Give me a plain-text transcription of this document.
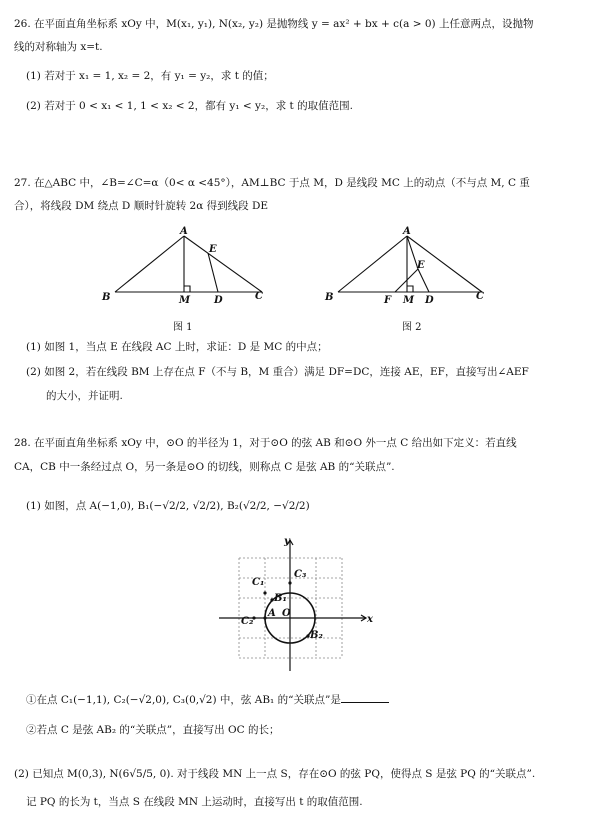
26. 在平面直角坐标系 xOy 中，M(x₁, y₁), N(x₂, y₂) 是抛物线 y = ax² + bx + c(a > 0) 上任意两点，设抛物
线的对称轴为 x=t.
(1) 若对于 x₁ = 1, x₂ = 2，有 y₁ = y₂，求 t 的值；
(2) 若对于 0 < x₁ < 1, 1 < x₂ < 2，都有 y₁ < y₂，求 t 的取值范围.
27. 在△ABC 中，∠B=∠C=α（0< α <45°），AM⊥BC 于点 M，D 是线段 MC 上的动点（不与点 M, C 重
合），将线段 DM 绕点 D 顺时针旋转 2α 得到线段 DE
A
E
B	M D	C
图 1
A
E
B	F M D	C
图 2
(1) 如图 1，当点 E 在线段 AC 上时，求证：D 是 MC 的中点；
(2) 如图 2，若在线段 BM 上存在点 F（不与 B，M 重合）满足 DF=DC，连接 AE，EF，直接写出∠AEF
的大小，并证明.
28. 在平面直角坐标系 xOy 中，⊙O 的半径为 1，对于⊙O 的弦 AB 和⊙O 外一点 C 给出如下定义：若直线
CA，CB 中一条经过点 O，另一条是⊙O 的切线，则称点 C 是弦 AB 的“关联点”.
(1) 如图，点 A(−1,0), B₁(−√2/2, √2/2), B₂(√2/2, −√2/2)
y
x
O
A
B₁
B₂
C₁
C₂
C₃
①在点 C₁(−1,1), C₂(−√2,0), C₃(0,√2) 中，弦 AB₁ 的“关联点”是
②若点 C 是弦 AB₂ 的“关联点”，直接写出 OC 的长；
(2) 已知点 M(0,3), N(6√5/5, 0). 对于线段 MN 上一点 S，存在⊙O 的弦 PQ，使得点 S 是弦 PQ 的“关联点”.
记 PQ 的长为 t，当点 S 在线段 MN 上运动时，直接写出 t 的取值范围.
